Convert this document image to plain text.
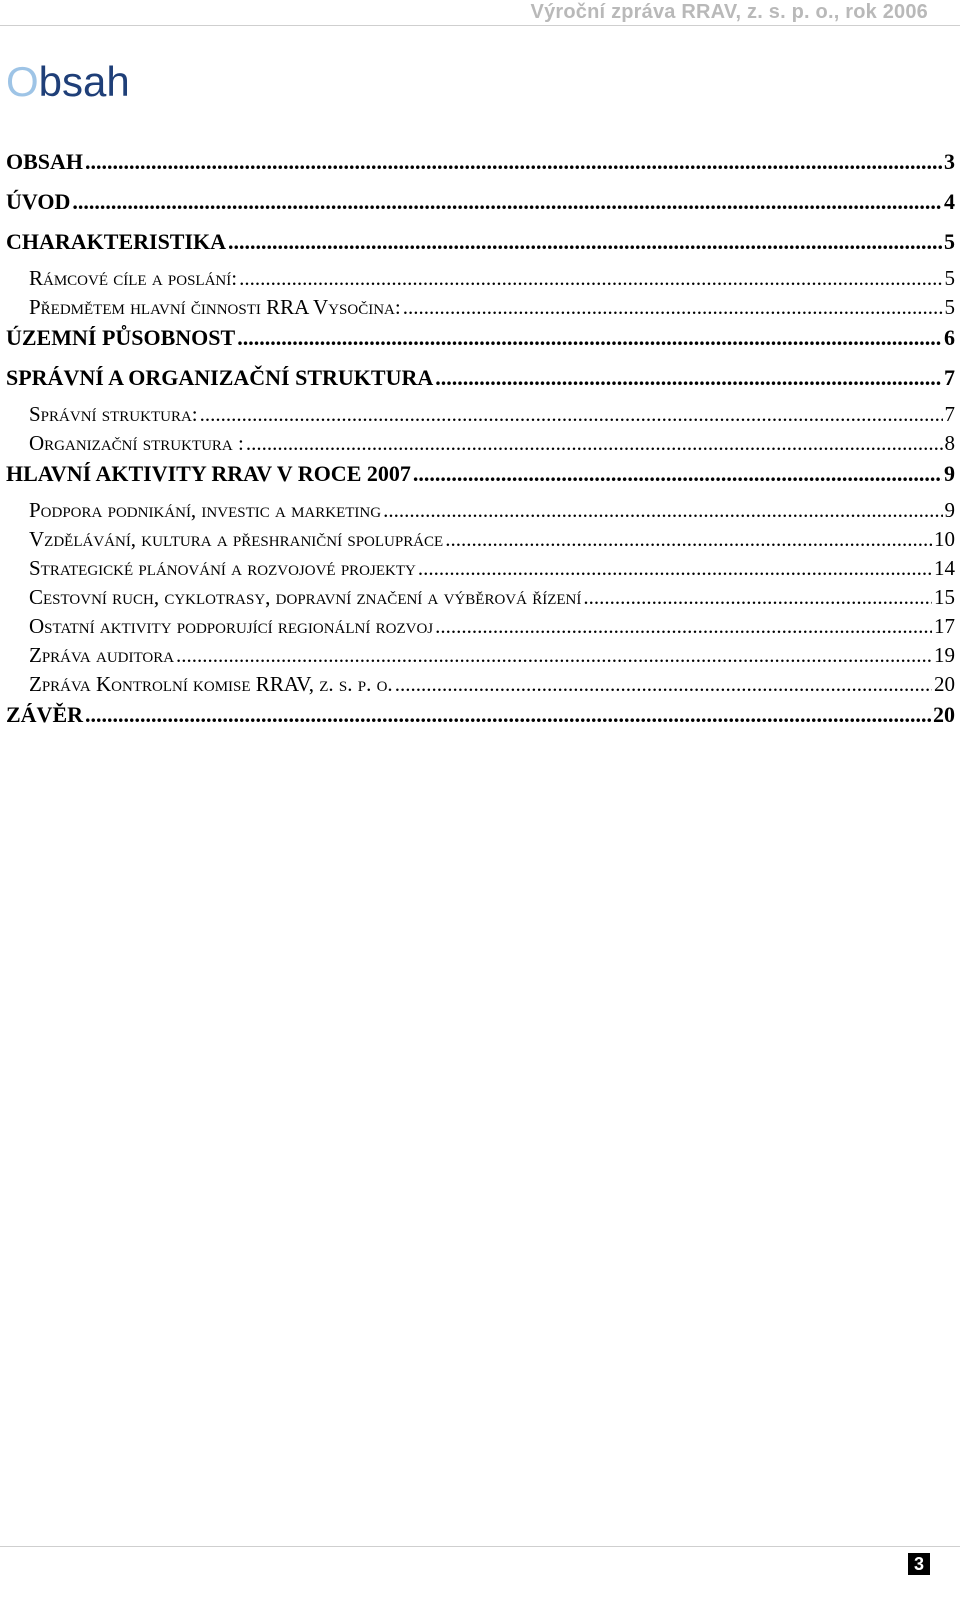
Výroční zpráva RRAV, z. s. p. o., rok 2006
Obsah
OBSAH .....	3
ÚVOD .....	4
CHARAKTERISTIKA .....	5
Rámcové cíle a poslání: .....	5
Předmětem hlavní činnosti RRA Vysočina: .....	5
ÚZEMNÍ PŮSOBNOST .....	6
SPRÁVNÍ A ORGANIZAČNÍ STRUKTURA .....	7
Správní struktura: .....	7
Organizační struktura : .....	8
HLAVNÍ AKTIVITY RRAV V ROCE 2007 .....	9
Podpora podnikání, investic a marketing .....	9
Vzdělávání, kultura a přeshraniční spolupráce .....	10
Strategické plánování a rozvojové projekty .....	14
Cestovní ruch, cyklotrasy, dopravní značení a výběrová řízení .....	15
Ostatní aktivity podporující regionální rozvoj .....	17
Zpráva auditora .....	19
Zpráva Kontrolní komise RRAV, z. s. p. o. .....	20
ZÁVĚR .....	20
3
